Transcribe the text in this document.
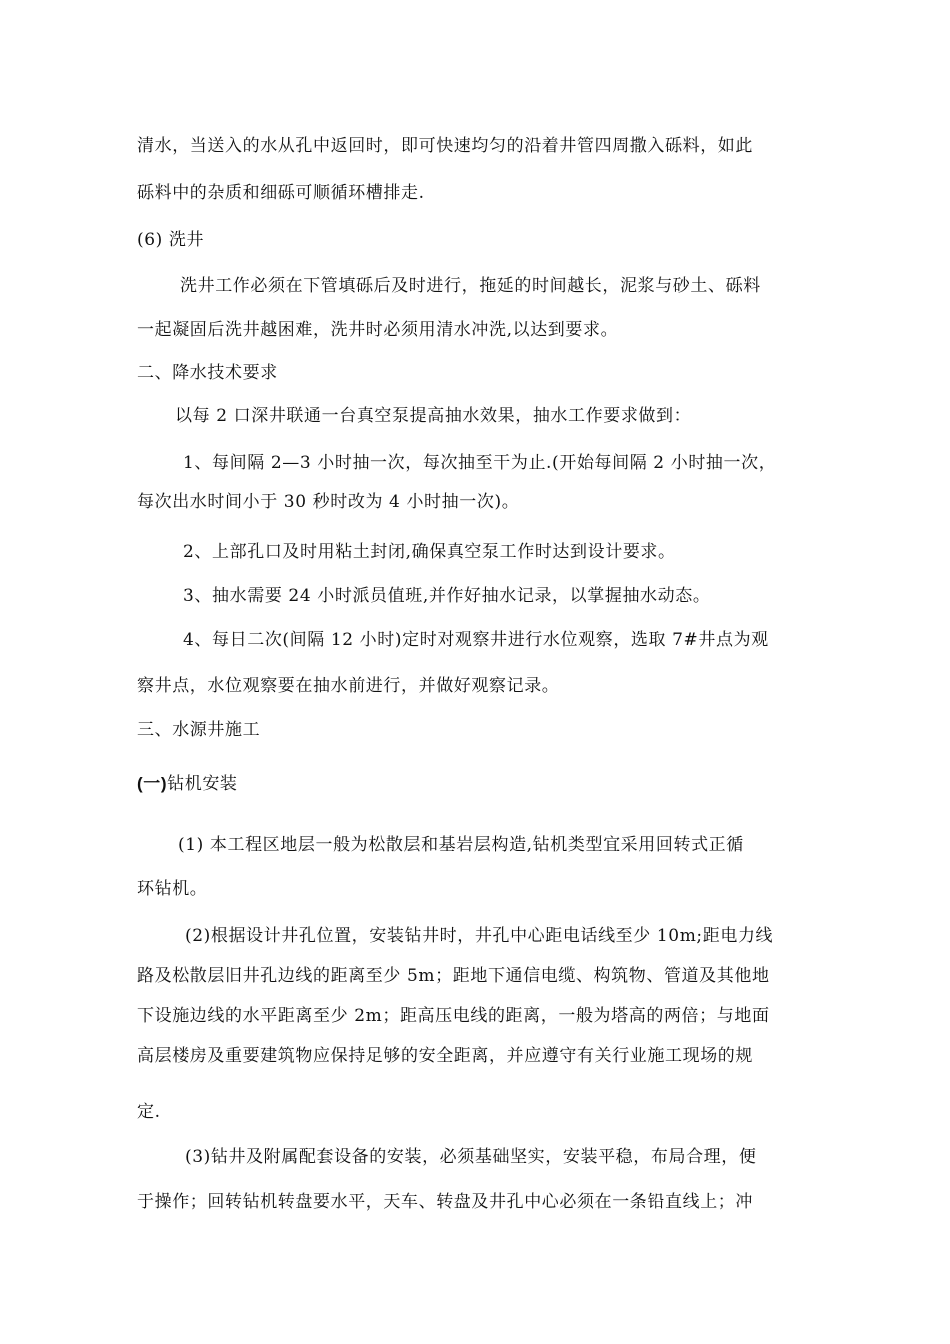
清水，当送入的水从孔中返回时，即可快速均匀的沿着井管四周撒入砾料，如此
砾料中的杂质和细砾可顺循环槽排走.
(6) 洗井
洗井工作必须在下管填砾后及时进行，拖延的时间越长，泥浆与砂土、砾料
一起凝固后洗井越困难，洗井时必须用清水冲洗,以达到要求。
二、降水技术要求
以每 2 口深井联通一台真空泵提高抽水效果，抽水工作要求做到：
1、每间隔 2—3 小时抽一次，每次抽至干为止.(开始每间隔 2 小时抽一次，
每次出水时间小于 30 秒时改为 4 小时抽一次)。
2、上部孔口及时用粘土封闭,确保真空泵工作时达到设计要求。
3、抽水需要 24 小时派员值班,并作好抽水记录，以掌握抽水动态。
4、每日二次(间隔 12 小时)定时对观察井进行水位观察，选取 7#井点为观
察井点，水位观察要在抽水前进行，并做好观察记录。
三、水源井施工
(一)钻机安装
(1) 本工程区地层一般为松散层和基岩层构造,钻机类型宜采用回转式正循
环钻机。
(2)根据设计井孔位置，安装钻井时，井孔中心距电话线至少 10m;距电力线
路及松散层旧井孔边线的距离至少 5m；距地下通信电缆、构筑物、管道及其他地
下设施边线的水平距离至少 2m；距高压电线的距离，一般为塔高的两倍；与地面
高层楼房及重要建筑物应保持足够的安全距离，并应遵守有关行业施工现场的规
定.
(3)钻井及附属配套设备的安装，必须基础坚实，安装平稳，布局合理，便
于操作；回转钻机转盘要水平，天车、转盘及井孔中心必须在一条铅直线上；冲
